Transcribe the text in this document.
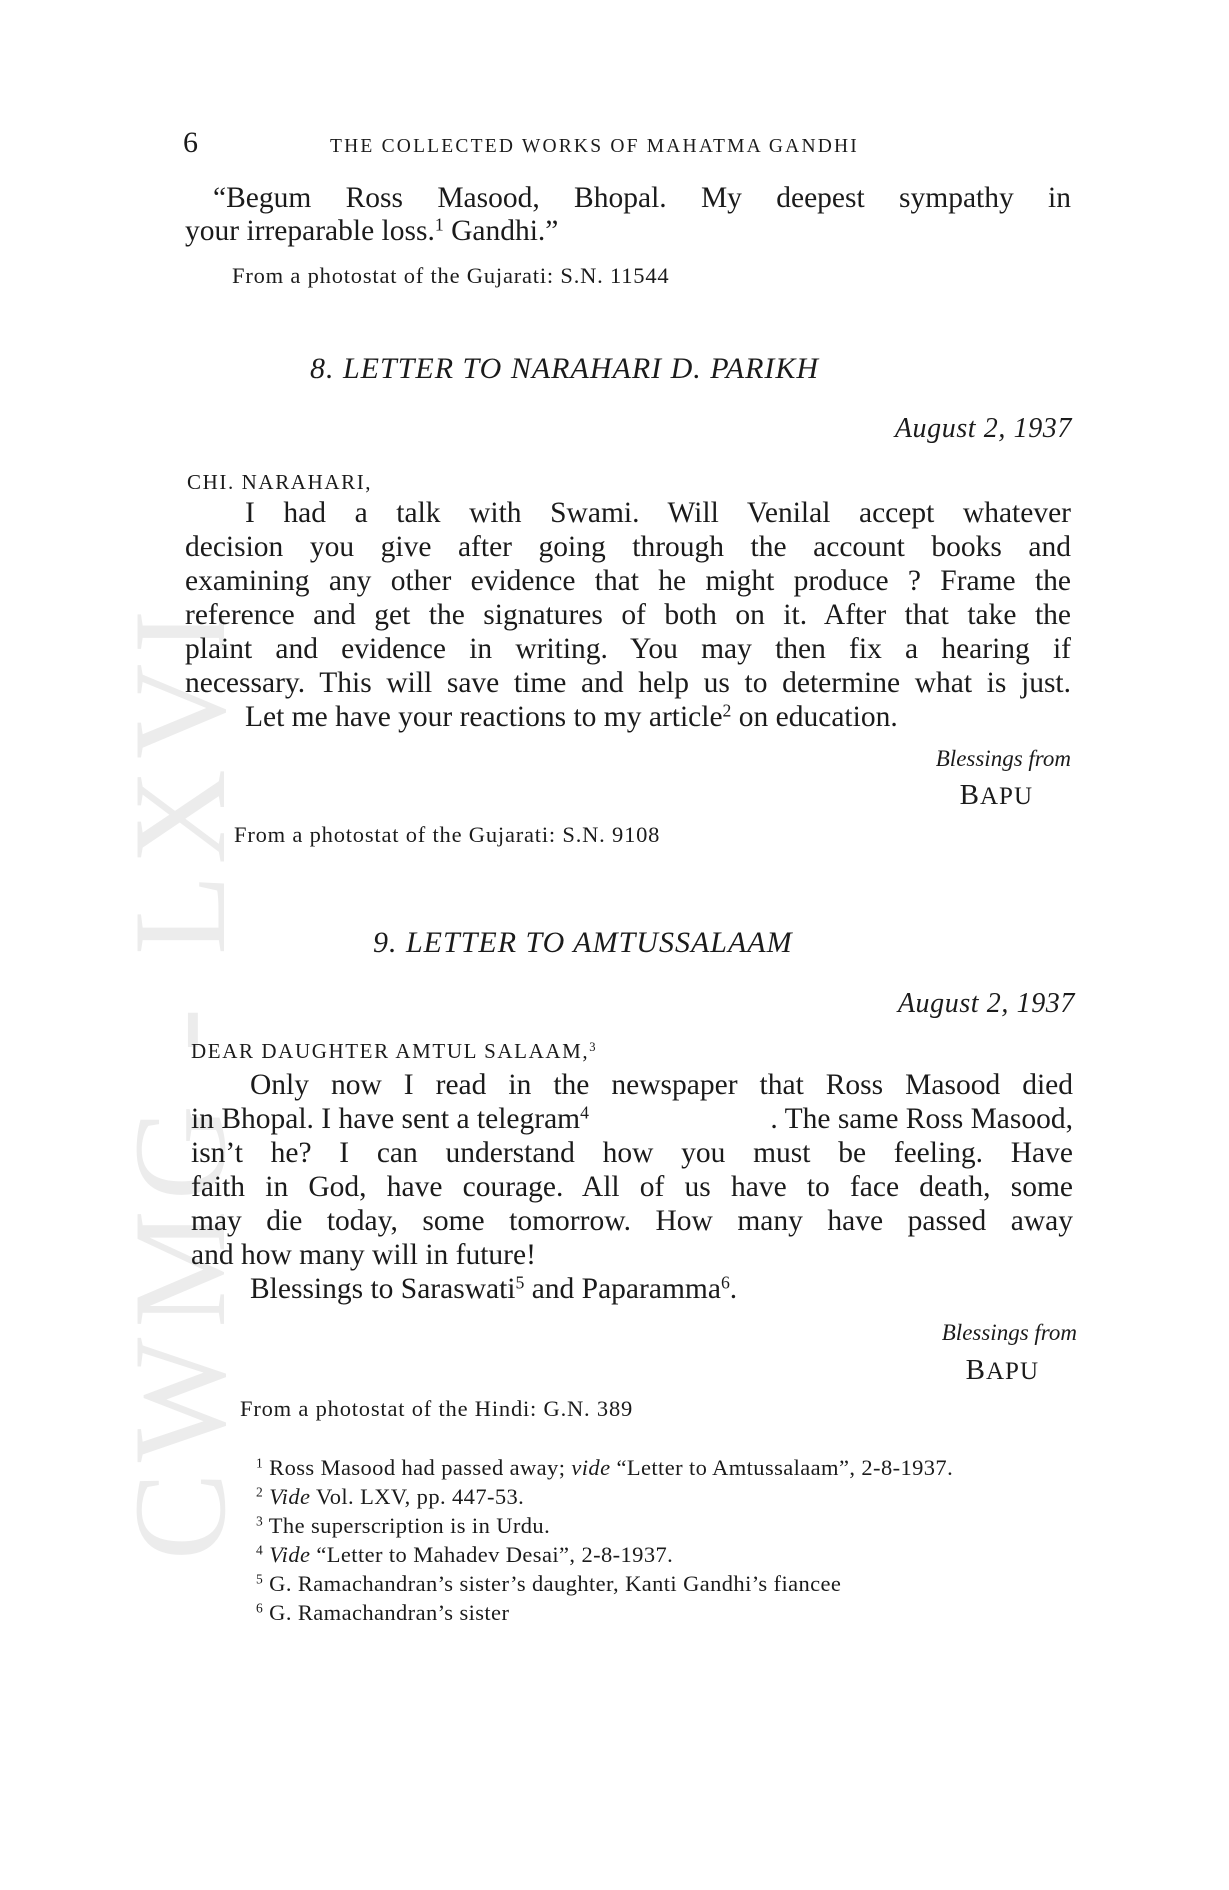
CWMG - LXVI
6	THE COLLECTED WORKS OF MAHATMA GANDHI
“Begum Ross Masood, Bhopal. My deepest sympathy in
your irreparable loss.$^1$ Gandhi.”
From a photostat of the Gujarati: S.N. 11544
8. LETTER TO NARAHARI D. PARIKH
August 2, 1937
CHI. NARAHARI,
I had a talk with Swami. Will Venilal accept whatever
decision you give after going through the account books and
examining any other evidence that he might produce ? Frame the
reference and get the signatures of both on it. After that take the
plaint and evidence in writing. You may then fix a hearing if
necessary. This will save time and help us to determine what is just.
Let me have your reactions to my article$^2$ on education.
Blessings from
BAPU
From a photostat of the Gujarati: S.N. 9108
9. LETTER TO AMTUSSALAAM
August 2, 1937
DEAR DAUGHTER AMTUL SALAAM,$^3$
Only now I read in the newspaper that Ross Masood died
in Bhopal. I have sent a telegram$^4$	. The same Ross Masood,
isn’t he? I can understand how you must be feeling. Have
faith in God, have courage. All of us have to face death, some
may die today, some tomorrow. How many have passed away
and how many will in future!
Blessings to Saraswati$^5$ and Paparamma$^6$.
Blessings from
BAPU
From a photostat of the Hindi: G.N. 389
$^1$ Ross Masood had passed away; vide “Letter to Amtussalaam”, 2-8-1937.
$^2$ Vide Vol. LXV, pp. 447-53.
$^3$ The superscription is in Urdu.
$^4$ Vide “Letter to Mahadev Desai”, 2-8-1937.
$^5$ G. Ramachandran’s sister’s daughter, Kanti Gandhi’s fiancee
$^6$ G. Ramachandran’s sister
